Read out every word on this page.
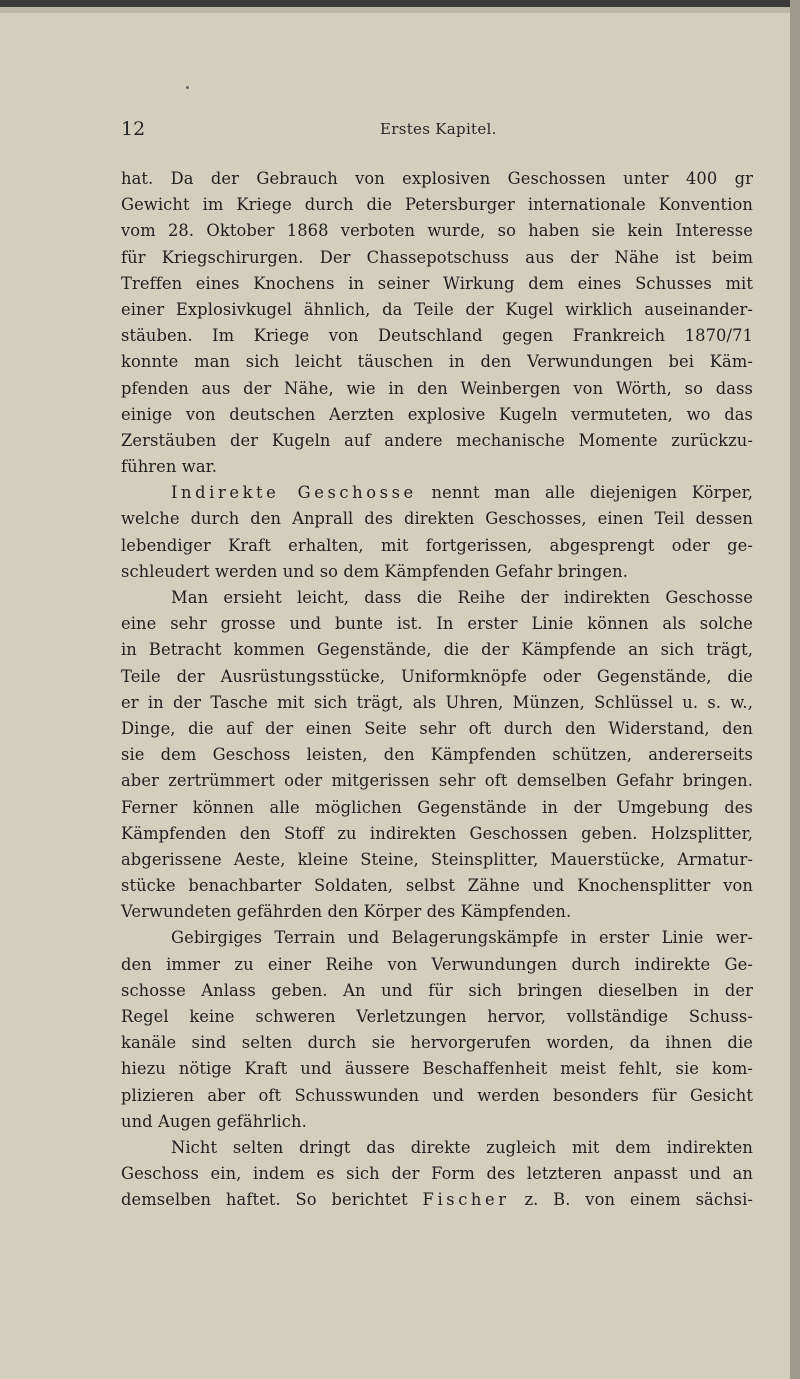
12	Erstes Kapitel.
hat. Da der Gebrauch von explosiven Geschossen unter 400 gr
Gewicht im Kriege durch die Petersburger internationale Konvention
vom 28. Oktober 1868 verboten wurde, so haben sie kein Interesse
für Kriegschirurgen. Der Chassepotschuss aus der Nähe ist beim
Treffen eines Knochens in seiner Wirkung dem eines Schusses mit
einer Explosivkugel ähnlich, da Teile der Kugel wirklich auseinander-
stäuben. Im Kriege von Deutschland gegen Frankreich 1870/71
konnte man sich leicht täuschen in den Verwundungen bei Käm-
pfenden aus der Nähe, wie in den Weinbergen von Wörth, so dass
einige von deutschen Aerzten explosive Kugeln vermuteten, wo das
Zerstäuben der Kugeln auf andere mechanische Momente zurückzu-
führen war.
Indirekte Geschosse nennt man alle diejenigen Körper,
welche durch den Anprall des direkten Geschosses, einen Teil dessen
lebendiger Kraft erhalten, mit fortgerissen, abgesprengt oder ge-
schleudert werden und so dem Kämpfenden Gefahr bringen.
Man ersieht leicht, dass die Reihe der indirekten Geschosse
eine sehr grosse und bunte ist. In erster Linie können als solche
in Betracht kommen Gegenstände, die der Kämpfende an sich trägt,
Teile der Ausrüstungsstücke, Uniformknöpfe oder Gegenstände, die
er in der Tasche mit sich trägt, als Uhren, Münzen, Schlüssel u. s. w.,
Dinge, die auf der einen Seite sehr oft durch den Widerstand, den
sie dem Geschoss leisten, den Kämpfenden schützen, andererseits
aber zertrümmert oder mitgerissen sehr oft demselben Gefahr bringen.
Ferner können alle möglichen Gegenstände in der Umgebung des
Kämpfenden den Stoff zu indirekten Geschossen geben. Holzsplitter,
abgerissene Aeste, kleine Steine, Steinsplitter, Mauerstücke, Armatur-
stücke benachbarter Soldaten, selbst Zähne und Knochensplitter von
Verwundeten gefährden den Körper des Kämpfenden.
Gebirgiges Terrain und Belagerungskämpfe in erster Linie wer-
den immer zu einer Reihe von Verwundungen durch indirekte Ge-
schosse Anlass geben. An und für sich bringen dieselben in der
Regel keine schweren Verletzungen hervor, vollständige Schuss-
kanäle sind selten durch sie hervorgerufen worden, da ihnen die
hiezu nötige Kraft und äussere Beschaffenheit meist fehlt, sie kom-
plizieren aber oft Schusswunden und werden besonders für Gesicht
und Augen gefährlich.
Nicht selten dringt das direkte zugleich mit dem indirekten
Geschoss ein, indem es sich der Form des letzteren anpasst und an
demselben haftet. So berichtet Fischer z. B. von einem sächsi-
